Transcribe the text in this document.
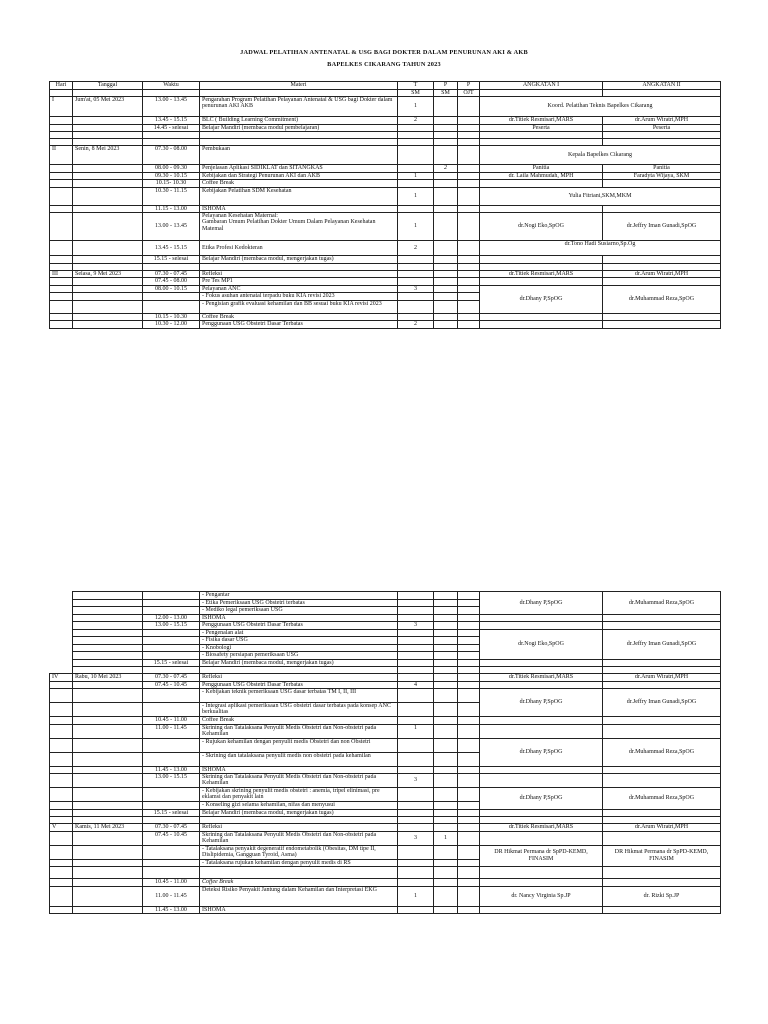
JADWAL PELATIHAN ANTENATAL & USG BAGI DOKTER DALAM PENURUNAN AKI & AKB
BAPELKES CIKARANG TAHUN 2023
Hari	Tanggal	Waktu	Materi	T	P	P	ANGKATAN I	ANGKATAN II
				SM	SM	OJT		
I	Jum'at, 05 Mei 2023	13.00 - 13.45	Pengarahan Program Pelatihan Pelayanan Antenatal & USG bagi Dokter dalam penurunan AKI AKB	1			Koord. Pelatihan Teknis Bapelkes Cikarang	
		13.45 - 15.15	BLC ( Building Learning Commitment)	2			dr.Titiek Resmisari,MARS	dr.Arum Wiratri,MPH
		14.45 - selesai	Belajar Mandiri (membaca modul pembelajaran)				Peserta	Peserta

II	Senin, 8 Mei 2023	07.30 - 08.00	Pembukaan				Kepala Bapelkes Cikarang	
		08.00 - 09.30	Penjelasan Aplikasi SIDIKLAT dan SITANGKAS		2		Panitia	Panitia
		09.30 - 10.15	Kebijakan dan Strategi Penurunan AKI dan AKB	1			dr. Laila Mahmudah, MPH	Faradyta Wijaya, SKM
		10.15- 10.30	Coffee Break					
		10.30 - 11.15	Kebijakan Pelatihan SDM Kesehatan	1			Yulia Fitriani,SKM,MKM	
		11.15 - 13.00	ISHOMA					
		13.00 - 13.45	Pelayanan Kesehatan Maternal:
Gambaran Umum Pelatihan Dokter Umum Dalam Pelayanan Kesehatan Matemal	1			dr.Nogi Eko,SpOG	dr.Jeffry Iman Gunadi,SpOG
		13.45 - 15.15	Etika Profesi Kedokteran	2			dr.Tono Hadi Susiarno,Sp.Og	
		15.15 - selesai	Belajar Mandiri (membaca modul, mengerjakan tugas)					

III	Selasa, 9 Mei 2023	07.30 - 07.45	Refleksi				dr.Titiek Resmisari,MARS	dr.Arum Wiratri,MPH
		07.45 - 08.00	Pre Tes MP1					
		08.00 - 10.15	Pelayanan ANC	3			dr.Dhany P,SpOG	dr.Muhammad Reza,SpOG
			- Fokus asuhan antenatal terpadu buku KIA revisi 2023					
			- Pengisian grafik evaluasi kehamilan dan BB sesuai buku KIA revisi 2023					
		10.15 - 10.30	Coffee Break					
		10.30 - 12.00	Penggunaan USG Obstetri Dasar Terbatas	2				
			- Pengantar				dr.Dhany P,SpOG	dr.Muhammad Reza,SpOG
			- Etika Pemeriksaan USG Obstetri terbatas					
			- Mediko legal pemeriksaan USG					
		12.00 - 13.00	ISHOMA					
		13.00 - 15.15	Penggunaan USG Obstetri Dasar Terbatas	3				
			- Pengenalan alat				dr.Nogi Eko,SpOG	dr.Jeffry Iman Gunadi,SpOG
			- Fisika dasar USG					
			- Knobologi					
			- Biosafety persiapan pemeriksaan USG					
		15.15 - selesai	Belajar Mandiri (membaca modul, mengerjakan tugas)					

IV	Rabu, 10 Mei 2023	07.30 - 07.45	Refleksi				dr.Titiek Resmisari,MARS	dr.Arum Wiratri,MPH
		07.45 - 10.45	Penggunaan USG Obstetri Dasar Terbatas	4				
			- Kebijakan teknik pemeriksaan USG dasar terbatas TM I, II, III				dr.Dhany P,SpOG	dr.Jeffry Iman Gunadi,SpOG
			- Integrasi aplikasi pemeriksaan USG obstetri dasar terbatas pada konsep ANC berkualitas					
		10.45 - 11.00	Coffee Break					
		11.00 - 11.45	Skrining dan Tatalaksana Penyulit Medis Obstetri dan Non-obstetri pada Kehamilan	1				
			- Rujukan kehamilan dengan penyulit medis Obstetri dan non Obstetri				dr.Dhany P,SpOG	dr.Muhammad Reza,SpOG
			- Skrining dan tatalaksana penyulit medis non obstetri pada kehamilan					
		11.45 - 13.00	ISHOMA					
		13.00 - 15.15	Skrining dan Tatalaksana Penyulit Medis Obstetri dan Non-obstetri pada Kehamilan	3				
			- Kebijakan skrining penyulit medis obstetri : anemia, tripel elinimasi, pre eklamsi dan penyakit lain				dr.Dhany P,SpOG	dr.Muhammad Reza,SpOG
			- Konseling gizi selama kehamilan, nifas dan menyusui					
		15.15 - selesai	Belajar Mandiri (membaca modul, mengerjakan tugas)					

V	Kamis, 11 Mei 2023	07.30 - 07.45	Refleksi				dr.Titiek Resmisari,MARS	dr.Arum Wiratri,MPH
		07.45 - 10.45	Skrining dan Tatalaksana Penyulit Medis Obstetri dan Non-obstetri pada Kehamilan	3	1			
			- Tatalaksana penyakit degeneratif endometabolik (Obesitas, DM tipe II, Dislipidemia, Gangguan Tyroid, Asma)				DR Hikmat Permana dr SpPD-KEMD, FINASIM	DR Hikmat Permana dr SpPD-KEMD, FINASIM
			- Tatalaksana rujukan kehamilan dengan penyulit medis di RS					

		10.45 - 11.00	Coffee Break					
		11.00 - 11.45	Deteksi Risiko Penyakit Jantung dalam Kehamilan dan Interpretasi EKG	1			dr. Nancy Virginia Sp.JP	dr. Rizki Sp.JP
		11.45 - 13.00	ISHOMA					
